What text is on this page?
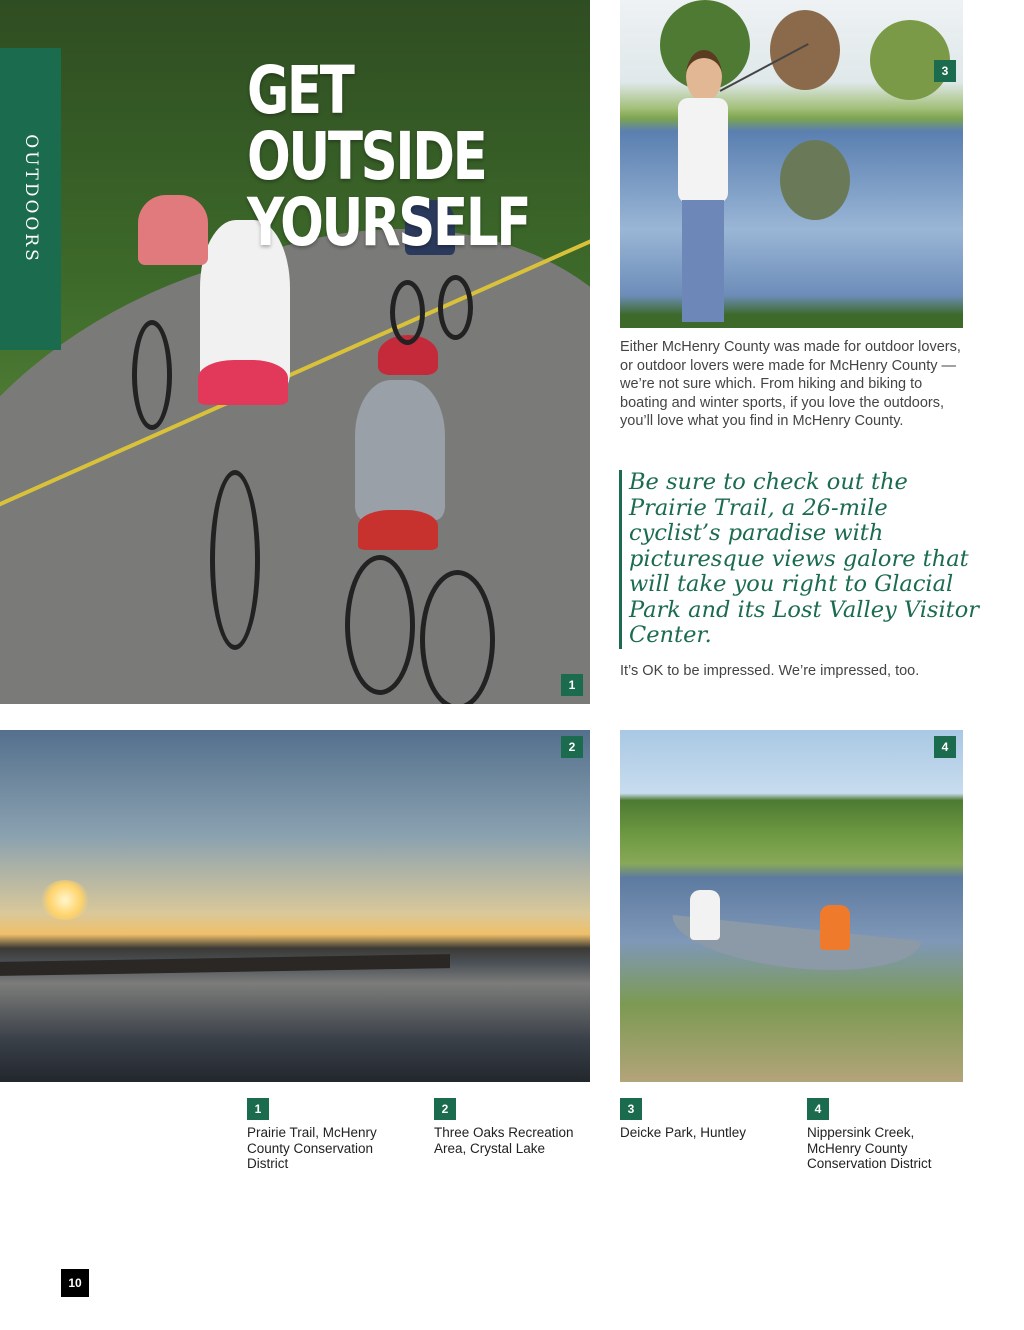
1
OUTDOORS
GET OUTSIDE
YOURSELF
3

Either McHenry County was made for outdoor lovers, or outdoor lovers were made for McHenry County — we’re not sure which. From hiking and biking to boating and winter sports, if you love the outdoors, you’ll love what you find in McHenry County.

Be sure to check out the Prairie Trail, a 26-mile cyclist’s paradise with picturesque views galore that will take you right to Glacial Park and its Lost Valley Visitor Center.

It’s OK to be impressed. We’re impressed, too.

2	4
1

Prairie Trail, McHenry County Conservation District

2

Three Oaks Recreation Area, Crystal Lake

3

Deicke Park, Huntley

4

Nippersink Creek, McHenry County Conservation District

10
